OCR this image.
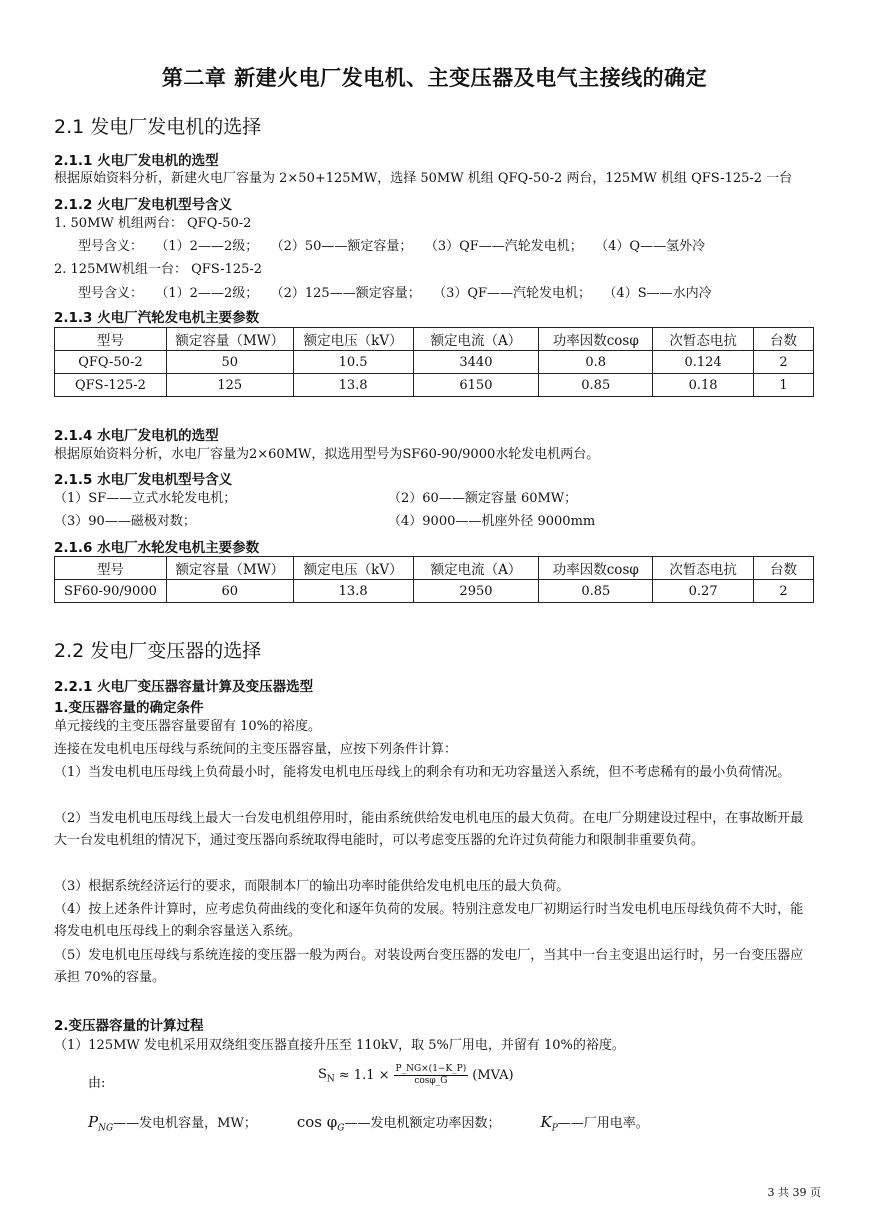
第二章 新建火电厂发电机、主变压器及电气主接线的确定
2.1 发电厂发电机的选择
2.1.1 火电厂发电机的选型
根据原始资料分析，新建火电厂容量为 2×50+125MW，选择 50MW 机组 QFQ-50-2 两台，125MW 机组 QFS-125-2 一台
2.1.2 火电厂发电机型号含义
1. 50MW 机组两台： QFQ-50-2
型号含义：   （1）2——2级；   （2）50——额定容量；   （3）QF——汽轮发电机；   （4）Q——氢外冷
2. 125MW机组一台： QFS-125-2
型号含义：   （1）2——2级；   （2）125——额定容量；   （3）QF——汽轮发电机；   （4）S——水内冷
2.1.3 火电厂汽轮发电机主要参数
型号	额定容量（MW）	额定电压（kV）	额定电流（A）	功率因数cosφ	次暂态电抗	台数
QFQ-50-2	50	10.5	3440	0.8	0.124	2
QFS-125-2	125	13.8	6150	0.85	0.18	1
2.1.4 水电厂发电机的选型
根据原始资料分析，水电厂容量为2×60MW，拟选用型号为SF60-90/9000水轮发电机两台。
2.1.5 水电厂发电机型号含义
（1）SF——立式水轮发电机；	（2）60——额定容量 60MW；
（3）90——磁极对数；	（4）9000——机座外径 9000mm
2.1.6 水电厂水轮发电机主要参数
型号	额定容量（MW）	额定电压（kV）	额定电流（A）	功率因数cosφ	次暂态电抗	台数
SF60-90/9000	60	13.8	2950	0.85	0.27	2
2.2 发电厂变压器的选择
2.2.1 火电厂变压器容量计算及变压器选型
1.变压器容量的确定条件
单元接线的主变压器容量要留有 10%的裕度。
连接在发电机电压母线与系统间的主变压器容量，应按下列条件计算：
（1）当发电机电压母线上负荷最小时，能将发电机电压母线上的剩余有功和无功容量送入系统，但不考虑稀有的最小负荷情况。
（2）当发电机电压母线上最大一台发电机组停用时，能由系统供给发电机电压的最大负荷。在电厂分期建设过程中，在事故断开最大一台发电机组的情况下，通过变压器向系统取得电能时，可以考虑变压器的允许过负荷能力和限制非重要负荷。
（3）根据系统经济运行的要求，而限制本厂的输出功率时能供给发电机电压的最大负荷。
（4）按上述条件计算时，应考虑负荷曲线的变化和逐年负荷的发展。特别注意发电厂初期运行时当发电机电压母线负荷不大时，能将发电机电压母线上的剩余容量送入系统。
（5）发电机电压母线与系统连接的变压器一般为两台。对装设两台变压器的发电厂，当其中一台主变退出运行时，另一台变压器应承担 70%的容量。
2.变压器容量的计算过程
（1）125MW 发电机采用双绕组变压器直接升压至 110kV，取 5%厂用电，并留有 10%的裕度。
由:
$S_N \approx 1.1 \times \frac{P\_NG\times(1-K\_P)}{\cos\varphi\_G} (MVA)$
$P_{NG}——$发电机容量，MW；	$\cos \varphi_G——$发电机额定功率因数；	$K_P——$厂用电率。
3 共 39 页
